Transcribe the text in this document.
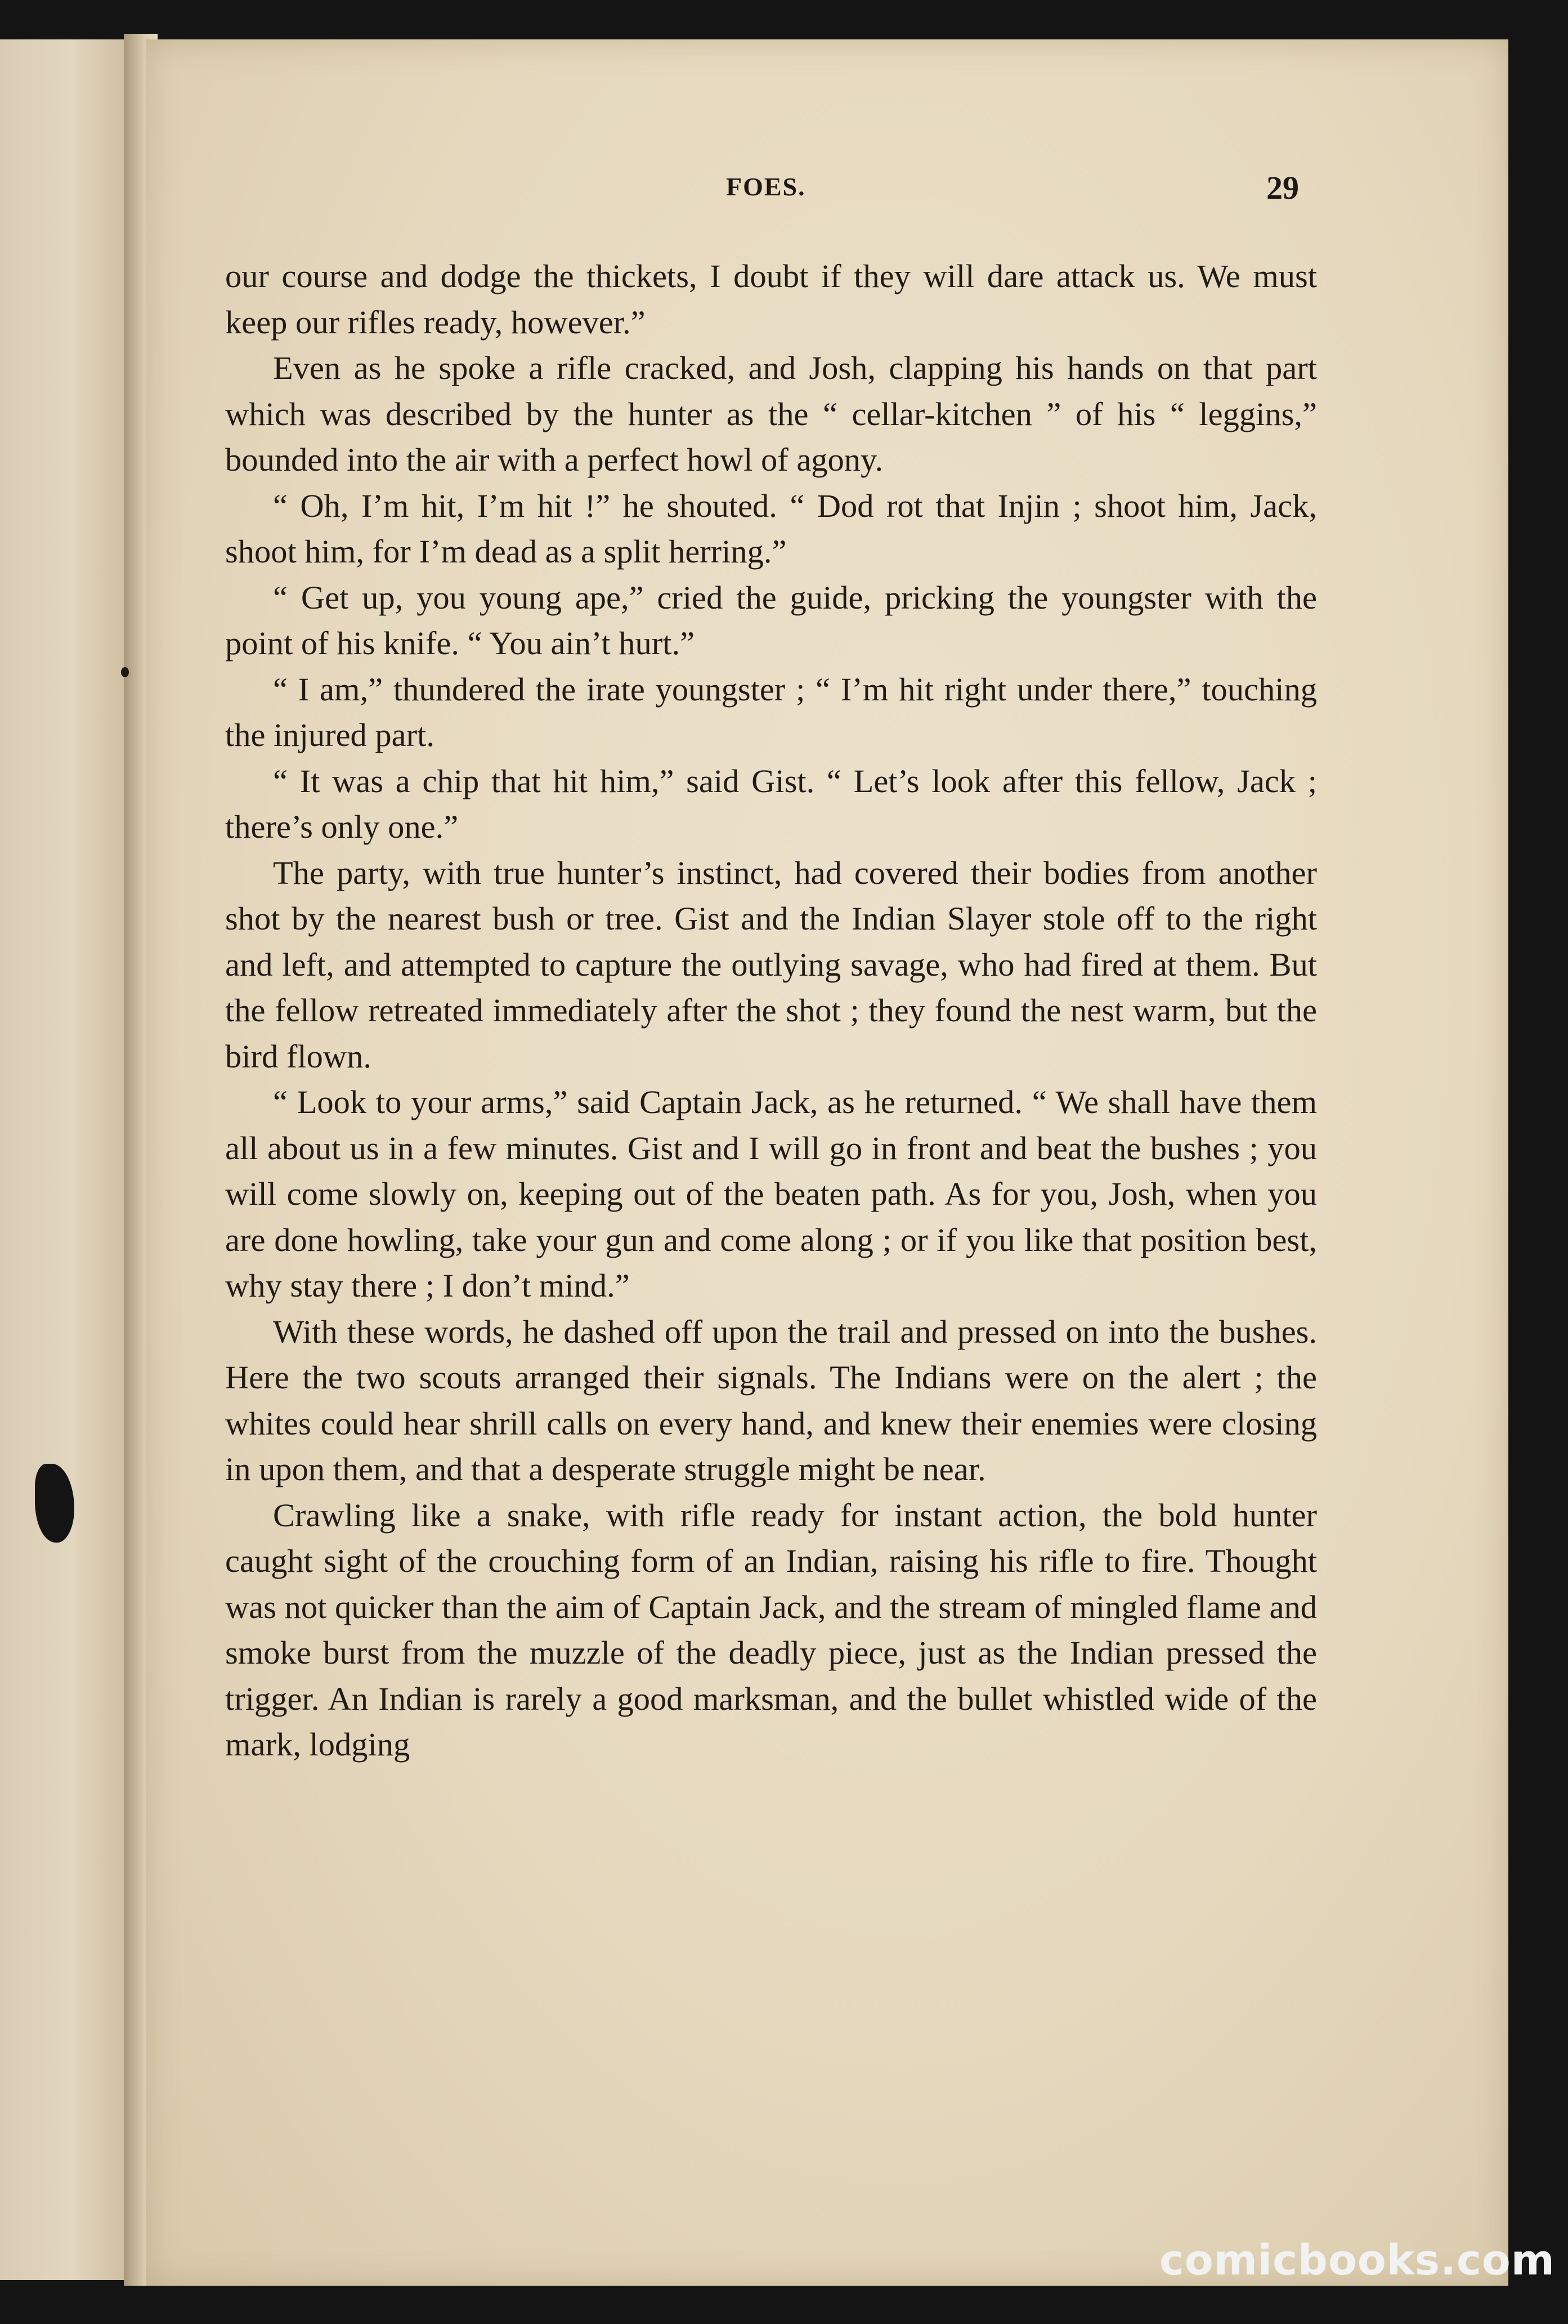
FOES.	29

our course and dodge the thickets, I doubt if they will dare attack us. We must keep our rifles ready, however.”

Even as he spoke a rifle cracked, and Josh, clapping his hands on that part which was described by the hunter as the “ cellar-kitchen ” of his “ leggins,” bounded into the air with a perfect howl of agony.

“ Oh, I’m hit, I’m hit !” he shouted. “ Dod rot that Injin ; shoot him, Jack, shoot him, for I’m dead as a split herring.”

“ Get up, you young ape,” cried the guide, pricking the youngster with the point of his knife. “ You ain’t hurt.”

“ I am,” thundered the irate youngster ; “ I’m hit right under there,” touching the injured part.

“ It was a chip that hit him,” said Gist. “ Let’s look after this fellow, Jack ; there’s only one.”

The party, with true hunter’s instinct, had covered their bodies from another shot by the nearest bush or tree. Gist and the Indian Slayer stole off to the right and left, and attempted to capture the outlying savage, who had fired at them. But the fellow retreated immediately after the shot ; they found the nest warm, but the bird flown.

“ Look to your arms,” said Captain Jack, as he returned. “ We shall have them all about us in a few minutes. Gist and I will go in front and beat the bushes ; you will come slowly on, keeping out of the beaten path. As for you, Josh, when you are done howling, take your gun and come along ; or if you like that position best, why stay there ; I don’t mind.”

With these words, he dashed off upon the trail and pressed on into the bushes. Here the two scouts arranged their signals. The Indians were on the alert ; the whites could hear shrill calls on every hand, and knew their enemies were closing in upon them, and that a desperate struggle might be near.

Crawling like a snake, with rifle ready for instant action, the bold hunter caught sight of the crouching form of an Indian, raising his rifle to fire. Thought was not quicker than the aim of Captain Jack, and the stream of mingled flame and smoke burst from the muzzle of the deadly piece, just as the Indian pressed the trigger. An Indian is rarely a good marksman, and the bullet whistled wide of the mark, lodging

comicbooks.com
